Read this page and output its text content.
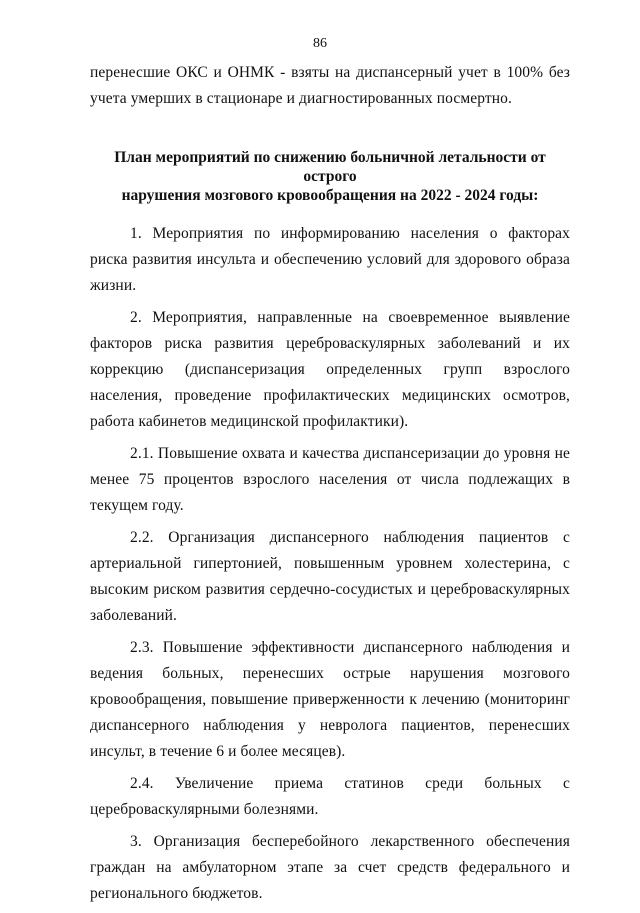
86

перенесшие ОКС и ОНМК - взяты на диспансерный учет в 100% без учета умерших в стационаре и диагностированных посмертно.

План мероприятий по снижению больничной летальности от острого
нарушения мозгового кровообращения на 2022 - 2024 годы:

1. Мероприятия по информированию населения о факторах риска развития инсульта и обеспечению условий для здорового образа жизни.

2. Мероприятия, направленные на своевременное выявление факторов риска развития цереброваскулярных заболеваний и их коррекцию (диспансеризация определенных групп взрослого населения, проведение профилактических медицинских осмотров, работа кабинетов медицинской профилактики).

2.1. Повышение охвата и качества диспансеризации до уровня не менее 75 процентов взрослого населения от числа подлежащих в текущем году.

2.2. Организация диспансерного наблюдения пациентов с артериальной гипертонией, повышенным уровнем холестерина, с высоким риском развития сердечно-сосудистых и цереброваскулярных заболеваний.

2.3. Повышение эффективности диспансерного наблюдения и ведения больных, перенесших острые нарушения мозгового кровообращения, повышение приверженности к лечению (мониторинг диспансерного наблюдения у невролога пациентов, перенесших инсульт, в течение 6 и более месяцев).

2.4. Увеличение приема статинов среди больных с цереброваскулярными болезнями.

3. Организация бесперебойного лекарственного обеспечения граждан на амбулаторном этапе за счет средств федерального и регионального бюджетов.
